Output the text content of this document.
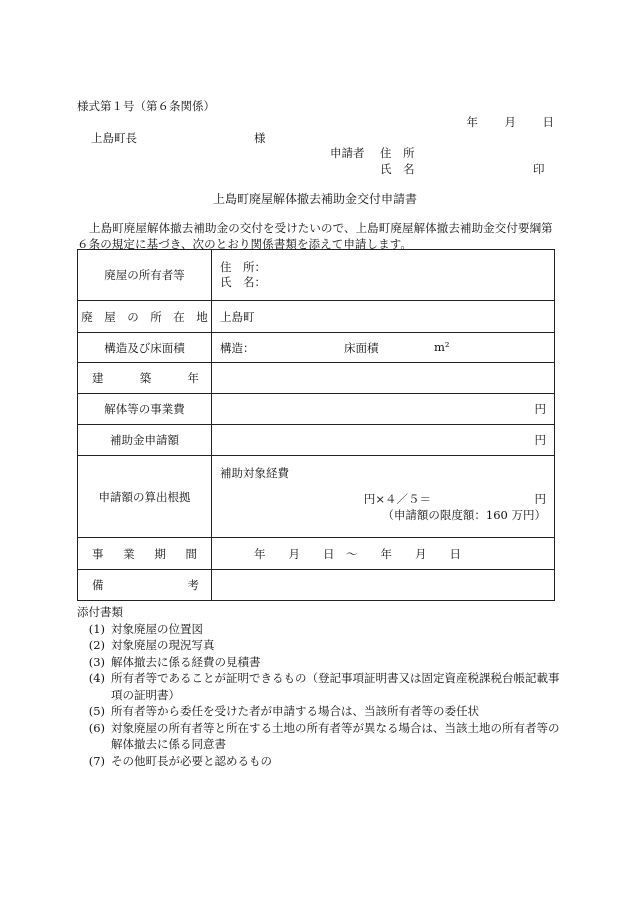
様式第１号（第６条関係）
年	月	日
上島町長	様
申請者 住　所
氏　名	印
上島町廃屋解体撤去補助金交付申請書
上島町廃屋解体撤去補助金の交付を受けたいので、上島町廃屋解体撤去補助金交付要綱第６条の規定に基づき、次のとおり関係書類を添えて申請します。
廃屋の所有者等	住　所：
氏　名：

廃　屋　の　所　在　地	上島町
構造及び床面積	構造： 床面積 m²

建 築 年	

解体等の事業費	円
補助金申請額	円
申請額の算出根拠	補助対象経費
円×４／５＝　　　　　　　　　円
（申請額の限度額：160 万円）

事 業 期 間	年　　月　　日　～　　年　　月　　日

備 考	

添付書類
(1) 対象廃屋の位置図
(2) 対象廃屋の現況写真
(3) 解体撤去に係る経費の見積書
(4) 所有者等であることが証明できるもの（登記事項証明書又は固定資産税課税台帳記載事項の証明書）
(5) 所有者等から委任を受けた者が申請する場合は、当該所有者等の委任状
(6) 対象廃屋の所有者等と所在する土地の所有者等が異なる場合は、当該土地の所有者等の解体撤去に係る同意書
(7) その他町長が必要と認めるもの
